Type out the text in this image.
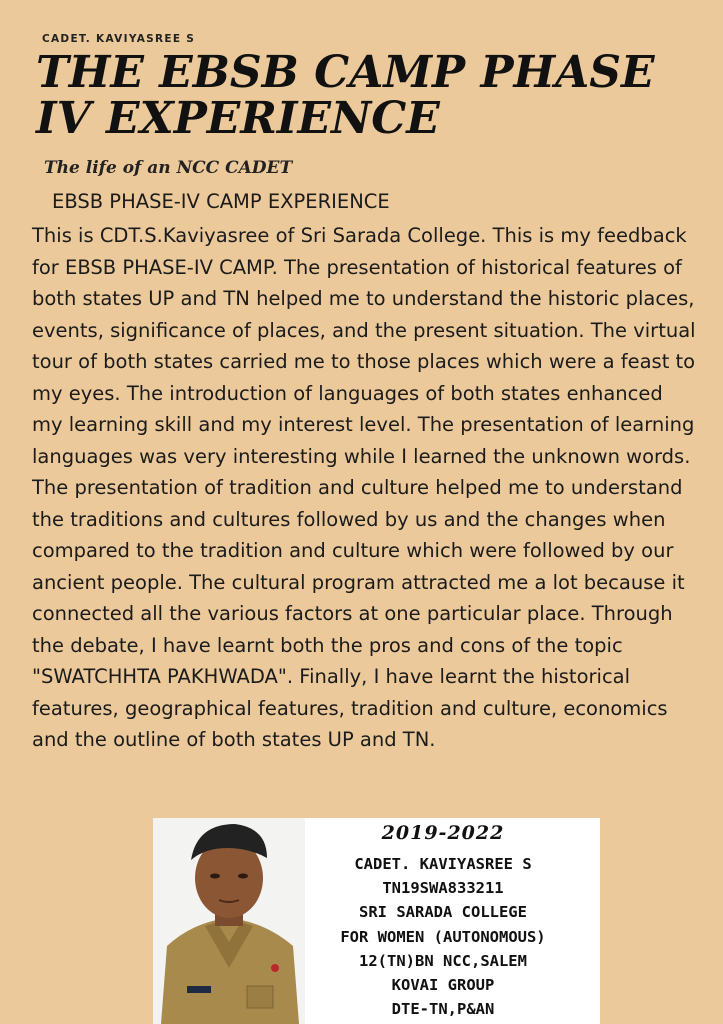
CADET. KAVIYASREE S
THE EBSB CAMP PHASE IV EXPERIENCE
The life of an NCC CADET
EBSB PHASE-IV CAMP EXPERIENCE

This is CDT.S.Kaviyasree of Sri Sarada College. This is my feedback for EBSB PHASE-IV CAMP. The presentation of historical features of both states UP and TN helped me to understand the historic places, events, significance of places, and the present situation. The virtual tour of both states carried me to those places which were a feast to my eyes. The introduction of languages of both states enhanced my learning skill and my interest level. The presentation of learning languages was very interesting while I learned the unknown words. The presentation of tradition and culture helped me to understand the traditions and cultures followed by us and the changes when compared to the tradition and culture which were followed by our ancient people. The cultural program attracted me a lot because it connected all the various factors at one particular place. Through the debate, I have learnt both the pros and cons of the topic "SWATCHHTA PAKHWADA". Finally, I have learnt the historical features, geographical features, tradition and culture, economics and the outline of both states UP and TN.

2019-2022
CADET. KAVIYASREE S
TN19SWA833211
SRI SARADA COLLEGE
FOR WOMEN (AUTONOMOUS)
12(TN)BN NCC,SALEM
KOVAI GROUP
DTE-TN,P&AN
